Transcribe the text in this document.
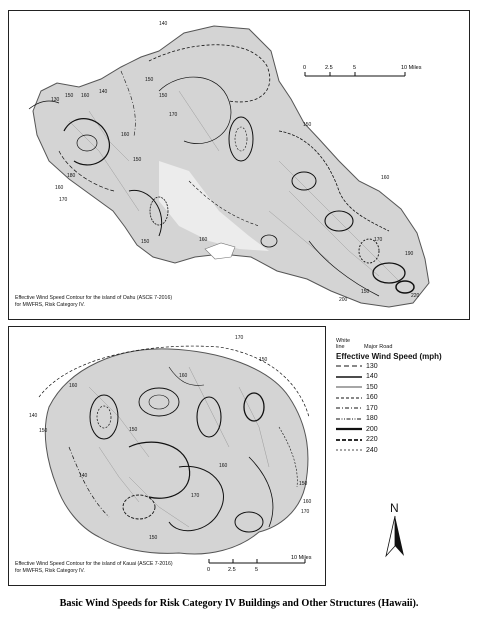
140
150
130
150 160
140
170
150
150
160
150
160
170
150
180	160
170
190
220
150
200
160
0	2.5	5	10 Miles
Effective Wind Speed Contour for the island of Oahu (ASCE 7-2016)
for MWFRS, Risk Category IV.
170
150
160
140
150
160
150
140
170
150
160
160
170
150
0	2.5	5
10 Miles
Effective Wind Speed Contour for the island of Kauai (ASCE 7-2016)
for MWFRS, Risk Category IV.
White line	Major Road
Effective Wind Speed (mph)
130
140
150
160
170
180
200
220
240
N
Basic Wind Speeds for Risk Category IV Buildings and Other Structures (Hawaii).
